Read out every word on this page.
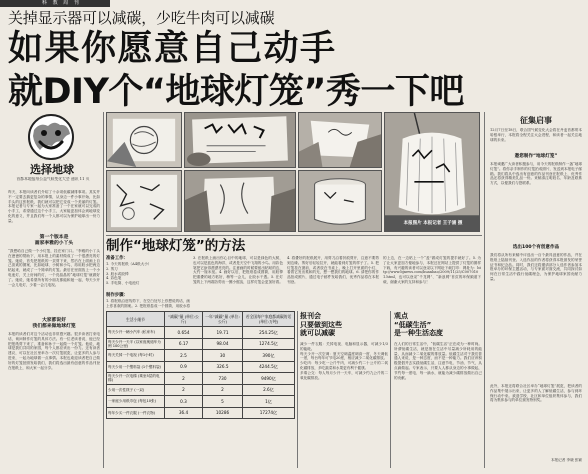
科 教 周 刊
关掉显示器可以减碳，少吃牛肉可以减碳
如果你愿意自己动手
就DIY个“地球灯笼”秀一下吧
选择地球
首都本地报纸公益气候变化大会 通讯 11 页
昨天，本报向读者们介绍了十余项低碳减排事项。其实并不一定要去搞更复杂的事情，从身边一件小事开始，比如手头的这张报纸，我们就可以把它变成一个美丽的灯笼。本报记者与专家一起为大家准备了一个在家就可以完成的小手工，希望通过这个小手工，大家能更加体会到地球变化的意义，并且我们每一个人都可以为保护地球出一份力量。
第一个版本是
画家李雅的小丫头
“我想给自己做一个小灯笼，挂在家门口。”李雅的小丫头在爸爸的帮助下，用本报上的素材做成了一个很漂亮的灯笼。她说，首先把报纸的一页剪下来，然后在上面画上自己喜欢的图案，比如地球、小树和小鸟，再用胶水把两边粘起来，就成了一个简单的灯笼。最后在里面放上一个小电池灯，关上房间的灯，一个亮晶晶的“地球灯笼”就做好了。她说，她希望所有的小朋友都能和她一起，每天少开一会儿电灯，少看一会儿电视。
大家都说好
我们都来做地球灯笼
本报的读者们对这个活动也非常感兴趣。很多读者打来电话，询问制作灯笼的具体方法。有一位老读者说，他已经把报纸剪下来了，准备和孙子一起做一个灯笼。他说，地球是我们共同的家园，每个人都应该出一份力。还有读者建议，可以在社区里举办一次灯笼展览，让更多的人参与进来，一起为地球做一点事情。本报也欢迎读者把自己做好的灯笼拍照发给我们，我们将选出最有创意的作品刊登在报纸上，和大家一起分享。
本报图片 本报记者 王子涵 摄
制作“地球灯笼”的方法
准备工作：
1. 今天的报纸（A4纸大小）
2. 剪刀
3. 胶水或胶棒
4. 彩色笔
5. 手电筒、小电池灯
制作步骤：
1. 将报纸沿虚线剪下，在空白处写上你想说的话，画上你喜欢的图案。2. 把报纸卷成一个圆筒，用胶水将
3. 在报纸上画出你心目中的地球，可以是绿色的大树，也可以是蓝色的海洋，或者是天空中飞翔的小鸟。用彩色笔把它涂得漂漂亮亮的。注意画的时候要留出粘贴的边，大约一厘米宽。4. 画好以后，把报纸卷成圆筒，用胶棒把重叠的地方粘好，稍等一会儿，让胶水干透。5. 在灯笼的上下两端各剪出一圈小锯齿，这样灯笼会更加好看。
4. 将叠好的报纸展开，用剪刀沿着折痕剪开，注意不要剪到边缘。剪好后轻轻拉开，就能看到灯笼的样子了。5. 把灯笼挂在窗前，或者放在书桌上，晚上打开里面的小灯，看着它发出柔和的光，想一想我们的地球。6. 请把你的作品拍成照片，通过电子邮件发给我们，优秀作品将在本报刊登。
的上边，在一边粘上一个“盖”做成灯笼的提手就好了。5. 为了让大家更加方便地参与，本报还在网站上提供了灯笼的图样下载，有兴趣的读者可以登录以下网址下载打印：网址为：http://www.bjnews.com/huanbao/2009/11/25/C0070101.html，也可以登录“千龙网”、“新浪网”首页的环保频道下载，谢谢大家的支持和参与！
生活小细节	“减碳”量 (单位:公斤)	一年“减碳”量 (单位:公斤)	若全国每户家庭都减碳的话 (单位:万吨)
每天少开一辆小汽车 (私家车)	0.654	19.71	254.25亿
每天少开一天半 (以家庭奥迪车为例 100公里)	6.17	98.04	1274.5亿
每天关掉一个电视 (每1小时)	2.5	30	390亿
每天少用一个塑料袋 (1个塑料袋)	0.9	326.5	4244.5亿
每天少开一次电梯 (乘坐5层的电梯)	2	730	9490亿
少用一次性筷子 (一双)	2	2	2.6亿
一家庭少用纸巾包 (每包10张)	0.3	5	1亿
每年少买一件衣服 (一件衣物)	36.4	10286	17274亿
报刊会
只要做到这些
就可以减碳
减少一件衣服：关掉电视、电脑和显示器，可减少1/3的能耗。
每天少开一次空调：夏天空调温度调高一度，冬天调低一度，每台每年可节电20度，相应减少二氧化碳排放。
少吃肉：每少吃一公斤牛肉，可减少约二十公斤的二氧化碳排放，多吃蔬菜和水果更有利于健康。
多乘公交：每人每月少开一天车，可减少约九公斤的二氧化碳排放。
观点
“低碳生活”
是一种生活态度
在人们的日常生活中，“低碳生活”正在成为一种时尚。所谓低碳生活，就是指在生活中尽量减少所耗用的能量，从而减少二氧化碳的排放量。低碳生活对于我们普通人来说，是一种态度，而不是一种能力。我们应该积极提倡并去实践低碳生活，注意节电、节油、节气，从点滴做起。专家表示，只要人人都从身边的小事做起，节约每一度电、每一滴水，就能为减少碳排放做出自己的贡献。
征集启事
12月7日至18日，联合国气候变化大会将在丹麦首都哥本哈根举行，本报将全程关注大会进程，和读者一起关注地球的未来。
邀您制作“地球灯笼”
本报诚邀广大读者积极参与，用今天的报纸制作一盏“地球灯笼”。将你亲手制作的灯笼拍成照片，发送到本报电子邮箱。我们将从中选出有创意的作品刊登在报纸上，优秀作品还将获得精美礼品一份。来稿请注明姓名、年龄及联系方式，以便我们与您联系。
选出100个有创意作品
我们将从所有来稿中评选出一百个最具创意的作品，并在报纸上陆续刊登。入选作品的作者将获得本报颁发的荣誉证书和纪念品。同时，我们还将邀请部分入选作者参加本报举办的环保主题活动，与专家面对面交流，共同探讨如何在日常生活中践行低碳理念，为保护地球家园贡献力量。
此外，本报还将联合社区举办“地球灯笼”展览，把读者的作品集中展示出来，让更多的人了解低碳生活，参与到环保行动中来。欢迎学校、社区和单位组织集体参与，我们将为集体参与的单位颁发特别奖。
本报记者 李晓 张颖
